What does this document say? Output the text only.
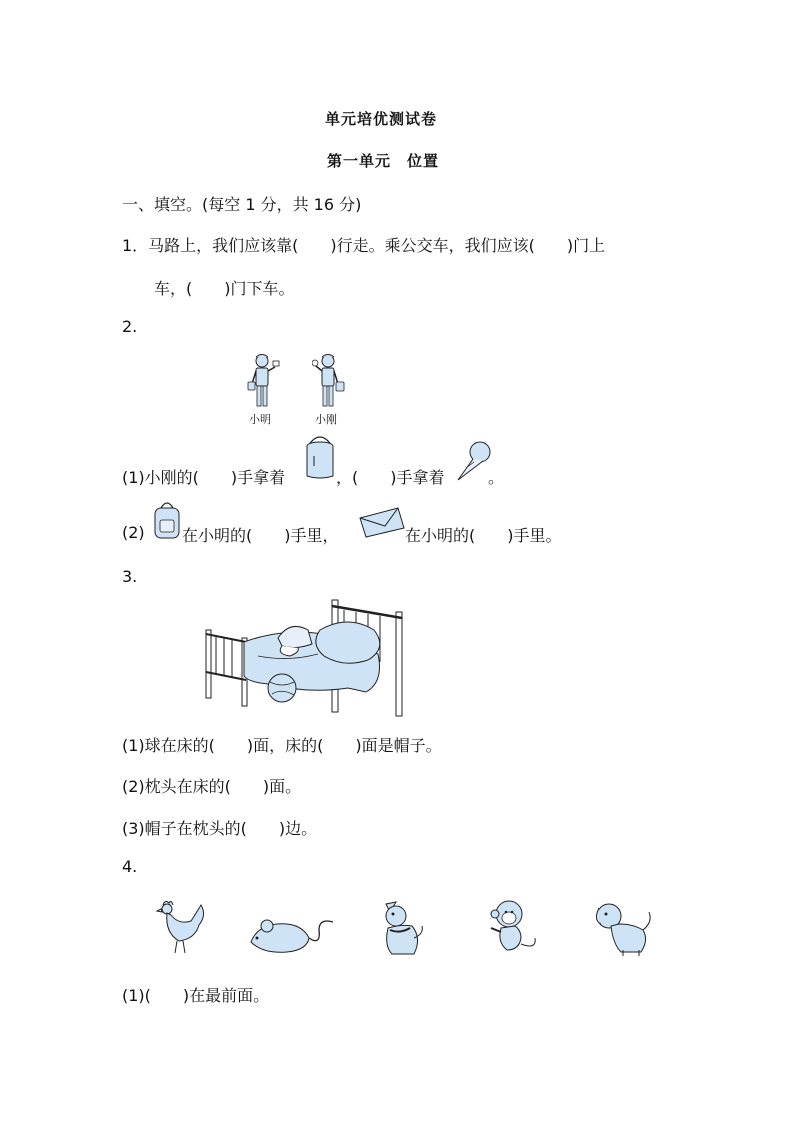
单元培优测试卷
第一单元　位置
一、填空。(每空 1 分，共 16 分)
1．马路上，我们应该靠(　　)行走。乘公交车，我们应该(　　)门上
车，(　　)门下车。
2.
小明	小刚
(1)小刚的(　　)手拿着	，(　　)手拿着	。
(2) 在小明的(　　)手里，	在小明的(　　)手里。
3.
(1)球在床的(　　)面，床的(　　)面是帽子。
(2)枕头在床的(　　)面。
(3)帽子在枕头的(　　)边。
4.
(1)(　　)在最前面。
